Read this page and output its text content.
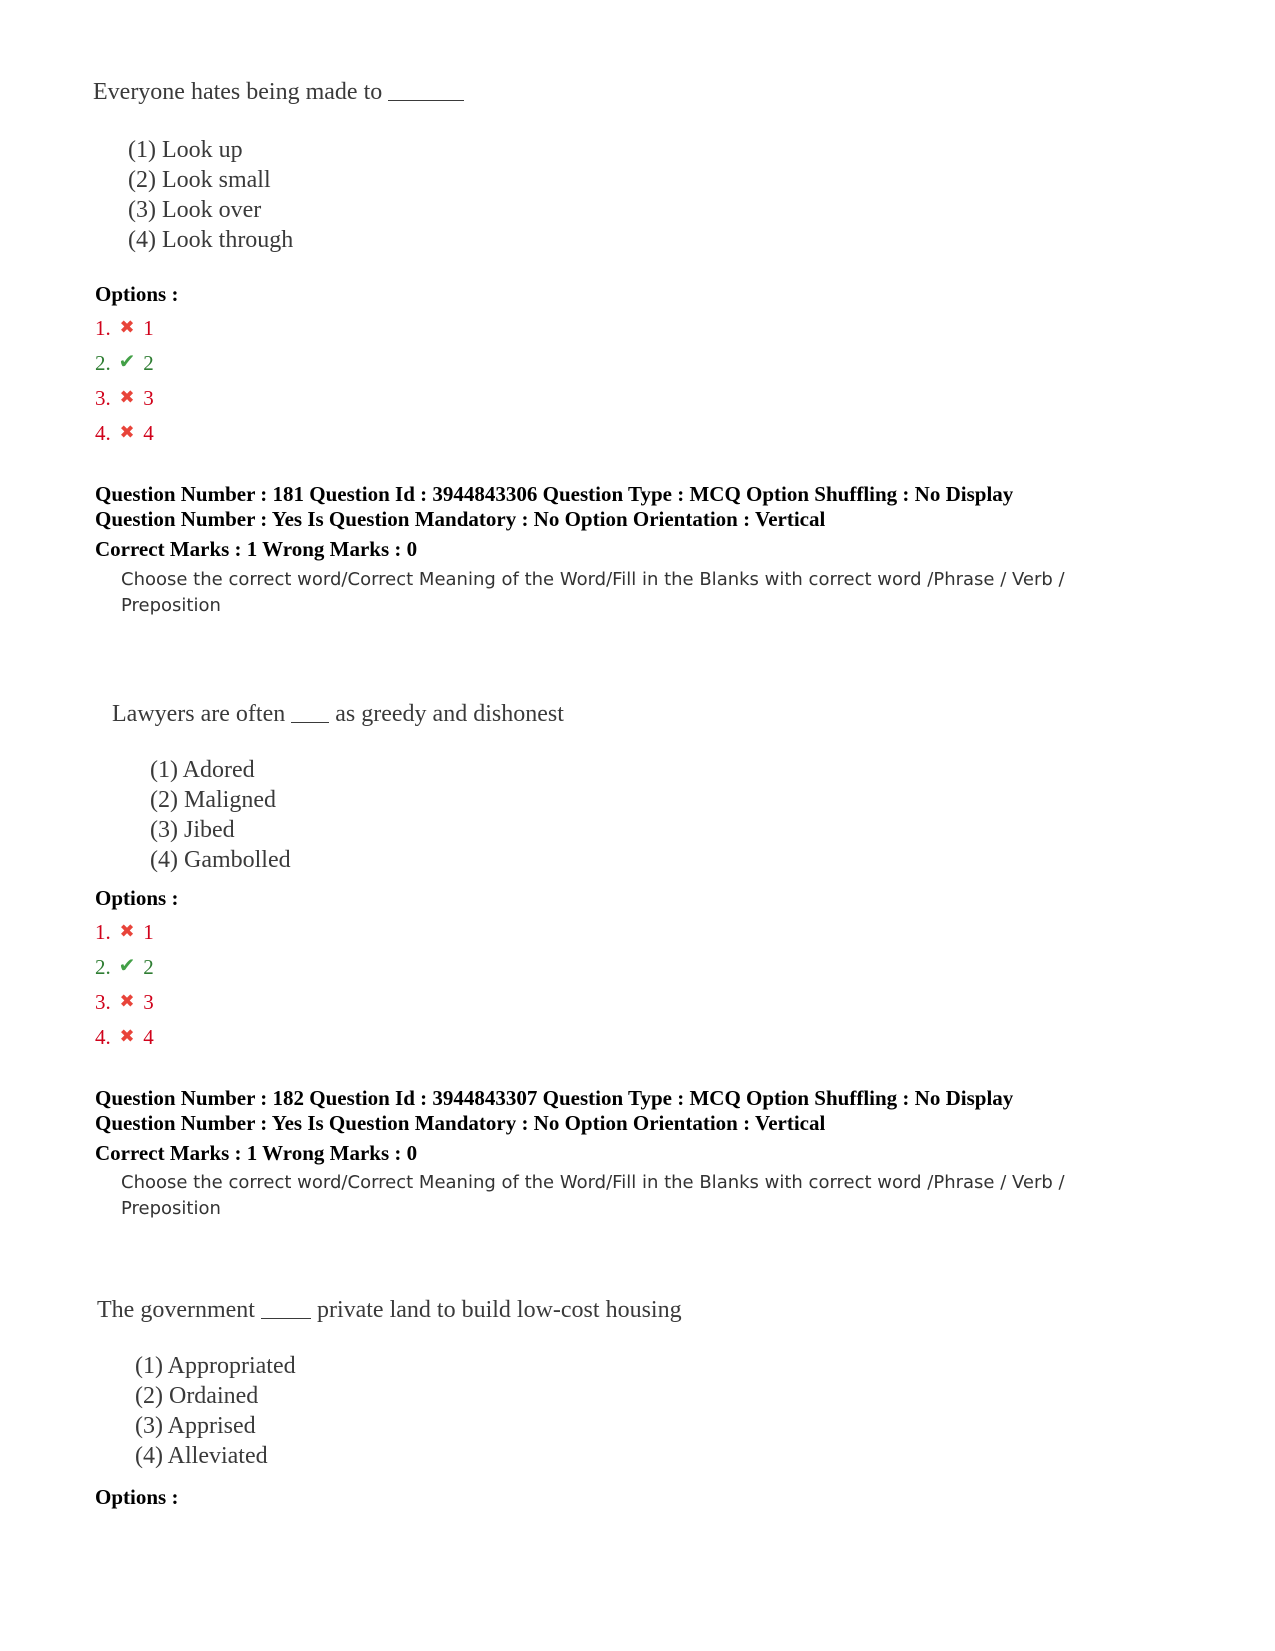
Everyone hates being made to
(1) Look up
(2) Look small
(3) Look over
(4) Look through
Options :
1. ✖ 1
2. ✔ 2
3. ✖ 3
4. ✖ 4
Question Number : 181 Question Id : 3944843306 Question Type : MCQ Option Shuffling : No Display
Question Number : Yes Is Question Mandatory : No Option Orientation : Vertical
Correct Marks : 1 Wrong Marks : 0
Choose the correct word/Correct Meaning of the Word/Fill in the Blanks with correct word /Phrase / Verb / Preposition
Lawyers are often as greedy and dishonest
(1) Adored
(2) Maligned
(3) Jibed
(4) Gambolled
Options :
1. ✖ 1
2. ✔ 2
3. ✖ 3
4. ✖ 4
Question Number : 182 Question Id : 3944843307 Question Type : MCQ Option Shuffling : No Display
Question Number : Yes Is Question Mandatory : No Option Orientation : Vertical
Correct Marks : 1 Wrong Marks : 0
Choose the correct word/Correct Meaning of the Word/Fill in the Blanks with correct word /Phrase / Verb / Preposition
The government	private land to build low-cost housing
(1) Appropriated
(2) Ordained
(3) Apprised
(4) Alleviated
Options :
